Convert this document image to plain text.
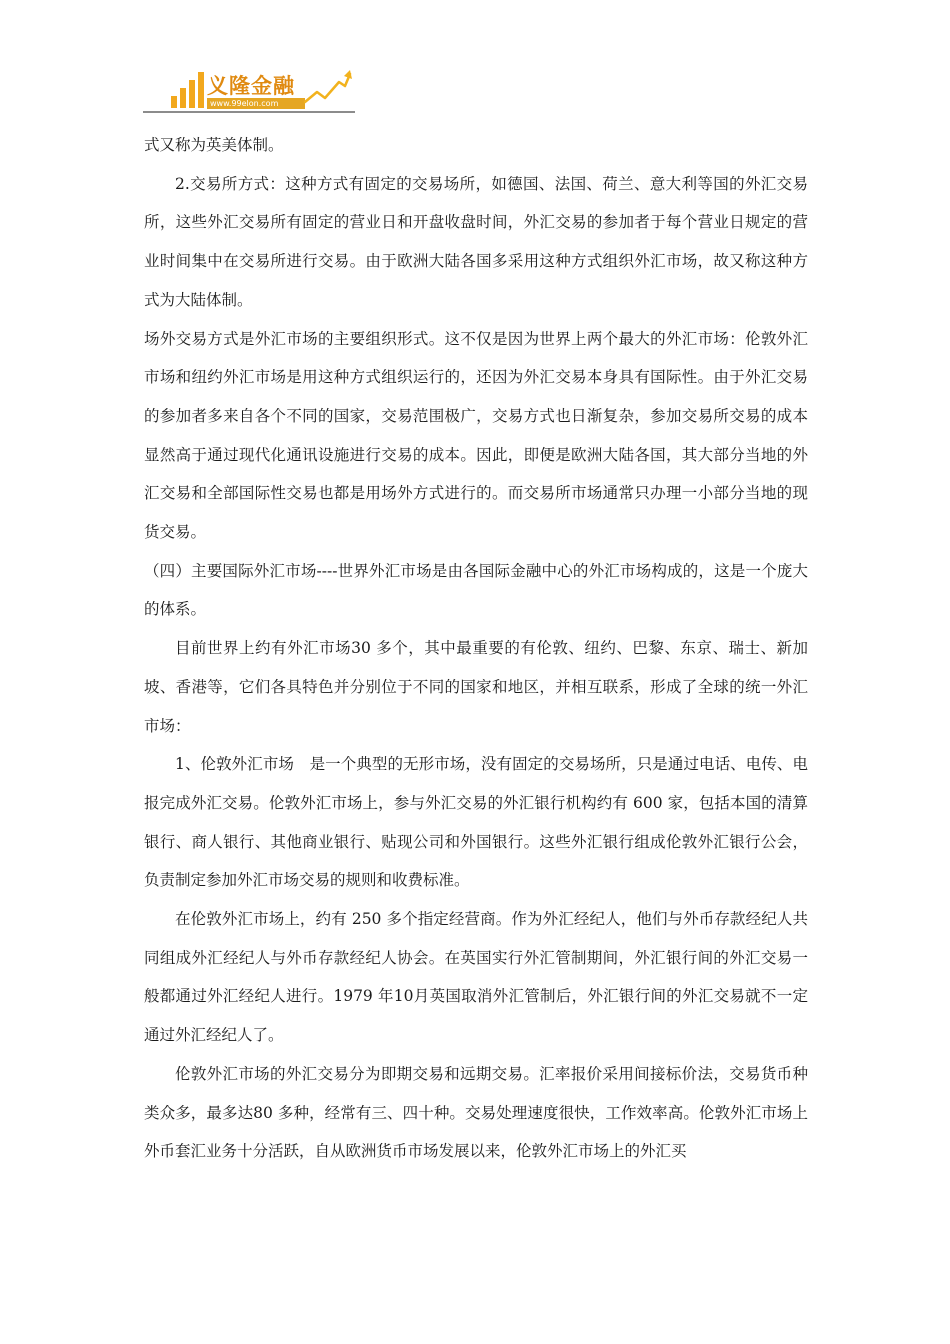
义隆金融
www.99elon.com

式又称为英美体制。

2.交易所方式：这种方式有固定的交易场所，如德国、法国、荷兰、意大利等国的外汇交易所，这些外汇交易所有固定的营业日和开盘收盘时间，外汇交易的参加者于每个营业日规定的营业时间集中在交易所进行交易。由于欧洲大陆各国多采用这种方式组织外汇市场，故又称这种方式为大陆体制。

场外交易方式是外汇市场的主要组织形式。这不仅是因为世界上两个最大的外汇市场：伦敦外汇市场和纽约外汇市场是用这种方式组织运行的，还因为外汇交易本身具有国际性。由于外汇交易的参加者多来自各个不同的国家，交易范围极广，交易方式也日渐复杂，参加交易所交易的成本显然高于通过现代化通讯设施进行交易的成本。因此，即便是欧洲大陆各国，其大部分当地的外汇交易和全部国际性交易也都是用场外方式进行的。而交易所市场通常只办理一小部分当地的现货交易。

（四）主要国际外汇市场----世界外汇市场是由各国际金融中心的外汇市场构成的，这是一个庞大的体系。

目前世界上约有外汇市场30 多个，其中最重要的有伦敦、纽约、巴黎、东京、瑞士、新加坡、香港等，它们各具特色并分别位于不同的国家和地区，并相互联系，形成了全球的统一外汇市场：

1、伦敦外汇市场　是一个典型的无形市场，没有固定的交易场所，只是通过电话、电传、电报完成外汇交易。伦敦外汇市场上，参与外汇交易的外汇银行机构约有 600 家，包括本国的清算银行、商人银行、其他商业银行、贴现公司和外国银行。这些外汇银行组成伦敦外汇银行公会，负责制定参加外汇市场交易的规则和收费标准。

在伦敦外汇市场上，约有 250 多个指定经营商。作为外汇经纪人，他们与外币存款经纪人共同组成外汇经纪人与外币存款经纪人协会。在英国实行外汇管制期间，外汇银行间的外汇交易一般都通过外汇经纪人进行。1979 年10月英国取消外汇管制后，外汇银行间的外汇交易就不一定通过外汇经纪人了。

伦敦外汇市场的外汇交易分为即期交易和远期交易。汇率报价采用间接标价法，交易货币种类众多，最多达80 多种，经常有三、四十种。交易处理速度很快，工作效率高。伦敦外汇市场上外币套汇业务十分活跃，自从欧洲货币市场发展以来，伦敦外汇市场上的外汇买
